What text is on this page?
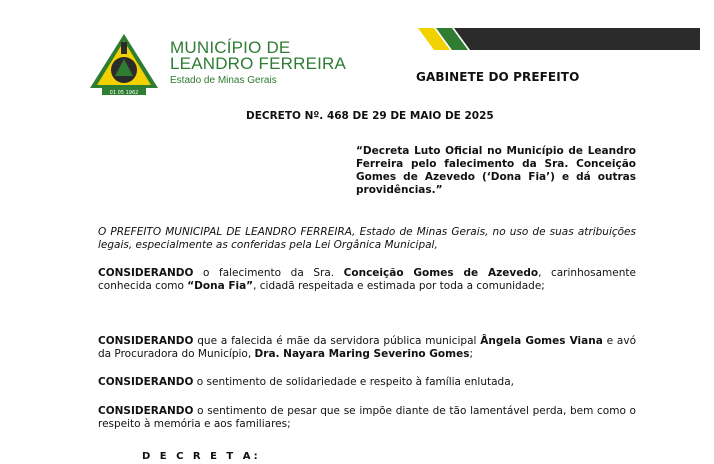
01 05 1962
MUNICÍPIO DE
LEANDRO FERREIRA
Estado de Minas Gerais	GABINETE DO PREFEITO
DECRETO Nº. 468 DE 29 DE MAIO DE 2025
“Decreta Luto Oficial no Município de Leandro Ferreira pelo falecimento da Sra. Conceição Gomes de Azevedo (‘Dona Fia’) e dá outras providências.”
O PREFEITO MUNICIPAL DE LEANDRO FERREIRA, Estado de Minas Gerais, no uso de suas atribuições legais, especialmente as conferidas pela Lei Orgânica Municipal,
CONSIDERANDO o falecimento da Sra. Conceição Gomes de Azevedo, carinhosamente conhecida como “Dona Fia”, cidadã respeitada e estimada por toda a comunidade;
CONSIDERANDO que a falecida é mãe da servidora pública municipal Ângela Gomes Viana e avó da Procuradora do Município, Dra. Nayara Maring Severino Gomes;
CONSIDERANDO o sentimento de solidariedade e respeito à família enlutada,
CONSIDERANDO o sentimento de pesar que se impõe diante de tão lamentável perda, bem como o respeito à memória e aos familiares;
D E C R E T A:
